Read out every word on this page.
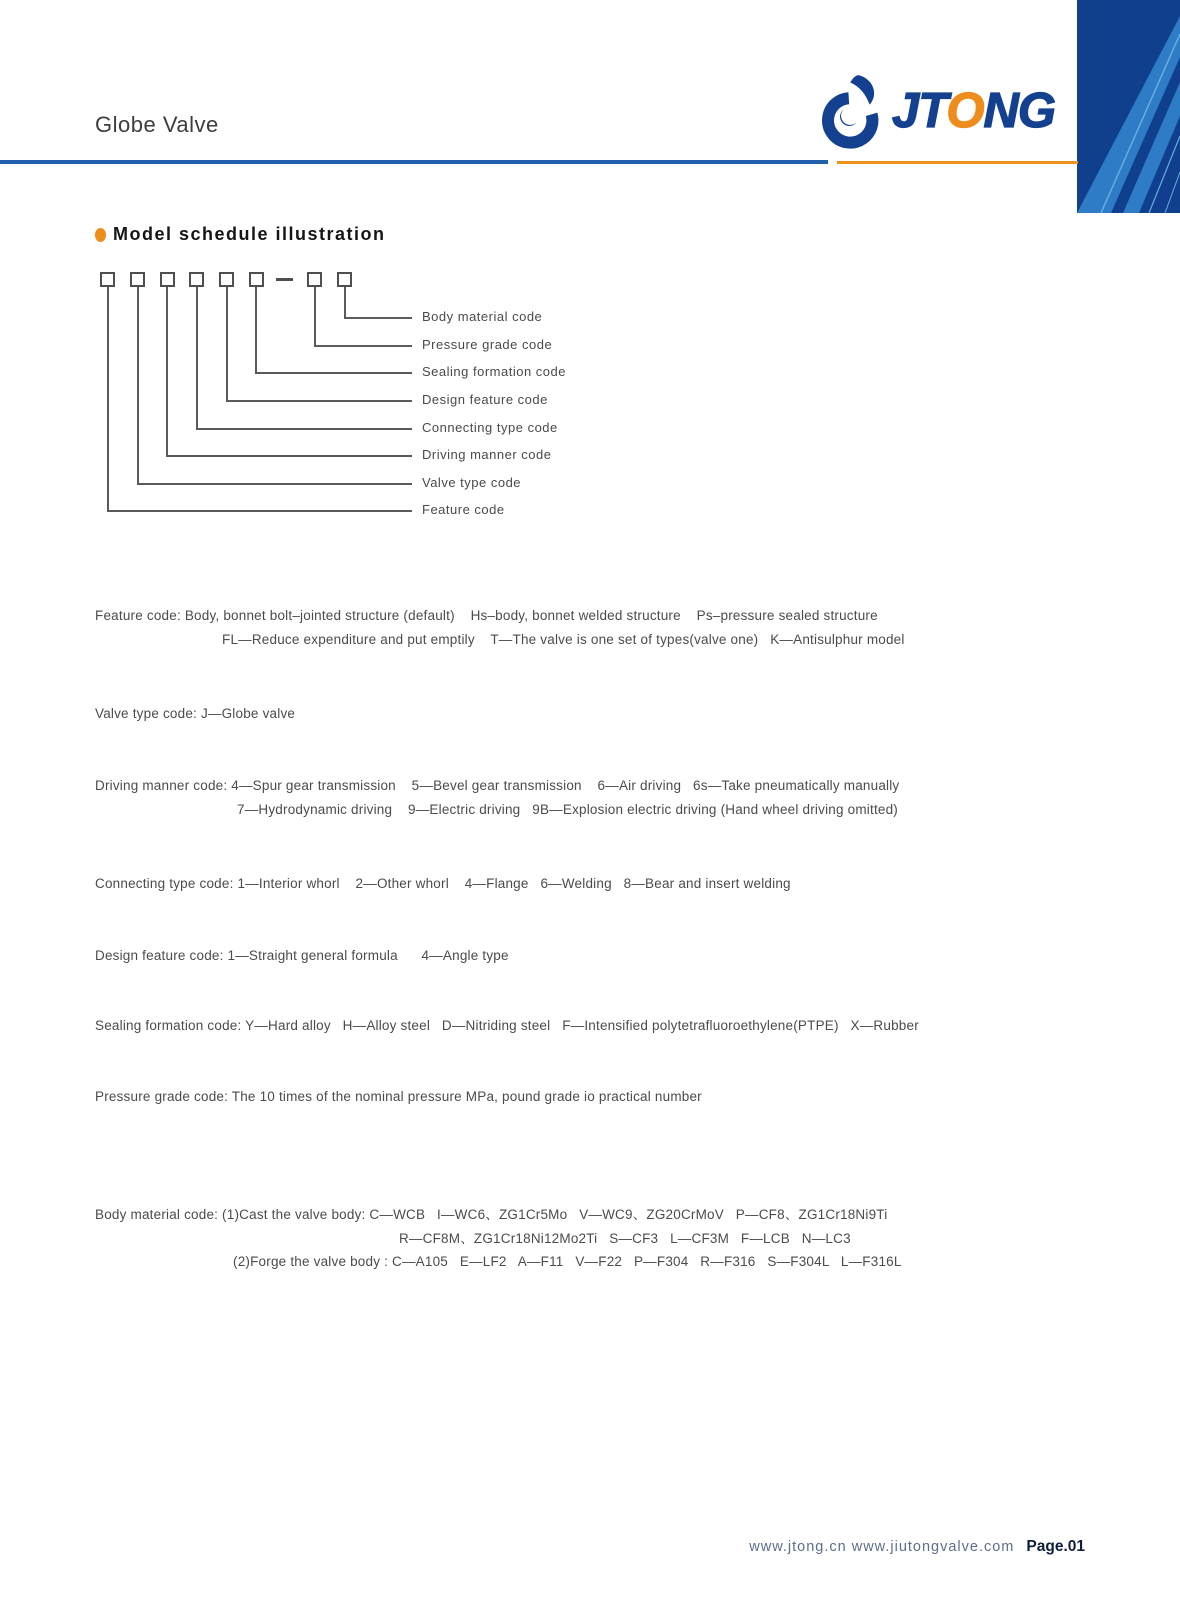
Globe Valve	JTONG
Model schedule illustration
Body material code
Pressure grade code
Sealing formation code
Design feature code
Connecting type code
Driving manner code
Valve type code
Feature code
Feature code: Body, bonnet bolt–jointed structure (default)    Hs–body, bonnet welded structure    Ps–pressure sealed structure
FL—Reduce expenditure and put emptily    T—The valve is one set of types(valve one)   K—Antisulphur model
Valve type code: J—Globe valve
Driving manner code: 4—Spur gear transmission    5—Bevel gear transmission    6—Air driving   6s—Take pneumatically manually
7—Hydrodynamic driving    9—Electric driving   9B—Explosion electric driving (Hand wheel driving omitted)
Connecting type code: 1—Interior whorl    2—Other whorl    4—Flange   6—Welding   8—Bear and insert welding
Design feature code: 1—Straight general formula      4—Angle type
Sealing formation code: Y—Hard alloy   H—Alloy steel   D—Nitriding steel   F—Intensified polytetrafluoroethylene(PTPE)   X—Rubber
Pressure grade code: The 10 times of the nominal pressure MPa, pound grade io practical number
Body material code: (1)Cast the valve body: C—WCB   I—WC6、ZG1Cr5Mo   V—WC9、ZG20CrMoV   P—CF8、ZG1Cr18Ni9Ti
R—CF8M、ZG1Cr18Ni12Mo2Ti   S—CF3   L—CF3M   F—LCB   N—LC3
(2)Forge the valve body : C—A105   E—LF2   A—F11   V—F22   P—F304   R—F316   S—F304L   L—F316L
www.jtong.cn www.jiutongvalve.com Page.01
